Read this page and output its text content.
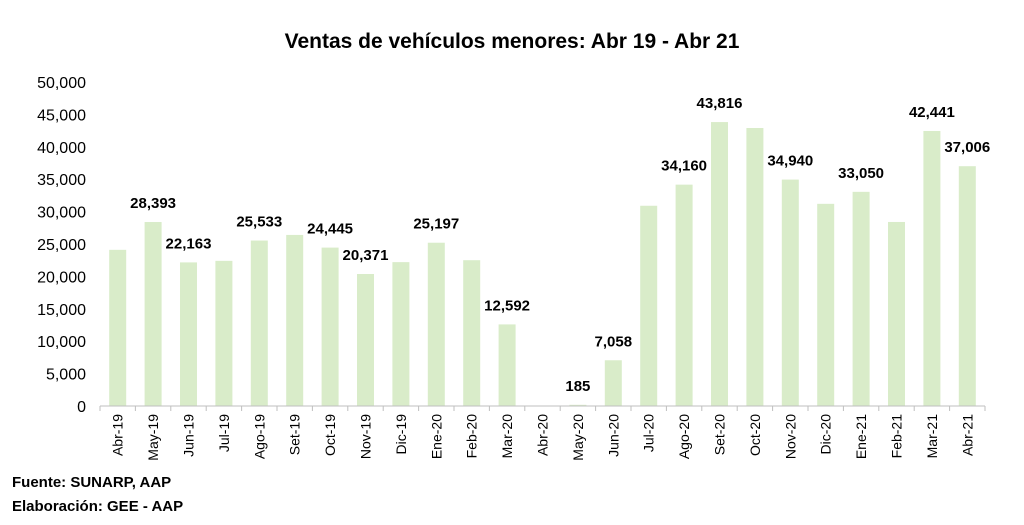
Ventas de vehículos menores: Abr 19 - Abr 21
0
5,000
10,000
15,000
20,000
25,000
30,000
35,000
40,000
45,000
50,000
28,393
22,163
25,533 24,445
20,371
25,197
12,592
185
7,058
34,160
43,816
34,940
33,050
42,441
37,006
Abr-19 May-19 Jun-19 Jul-19 Ago-19 Set-19 Oct-19 Nov-19 Dic-19 Ene-20 Feb-20 Mar-20 Abr-20 May-20 Jun-20 Jul-20 Ago-20 Set-20 Oct-20 Nov-20 Dic-20 Ene-21 Feb-21 Mar-21 Abr-21
Fuente: SUNARP, AAP
Elaboración: GEE - AAP
